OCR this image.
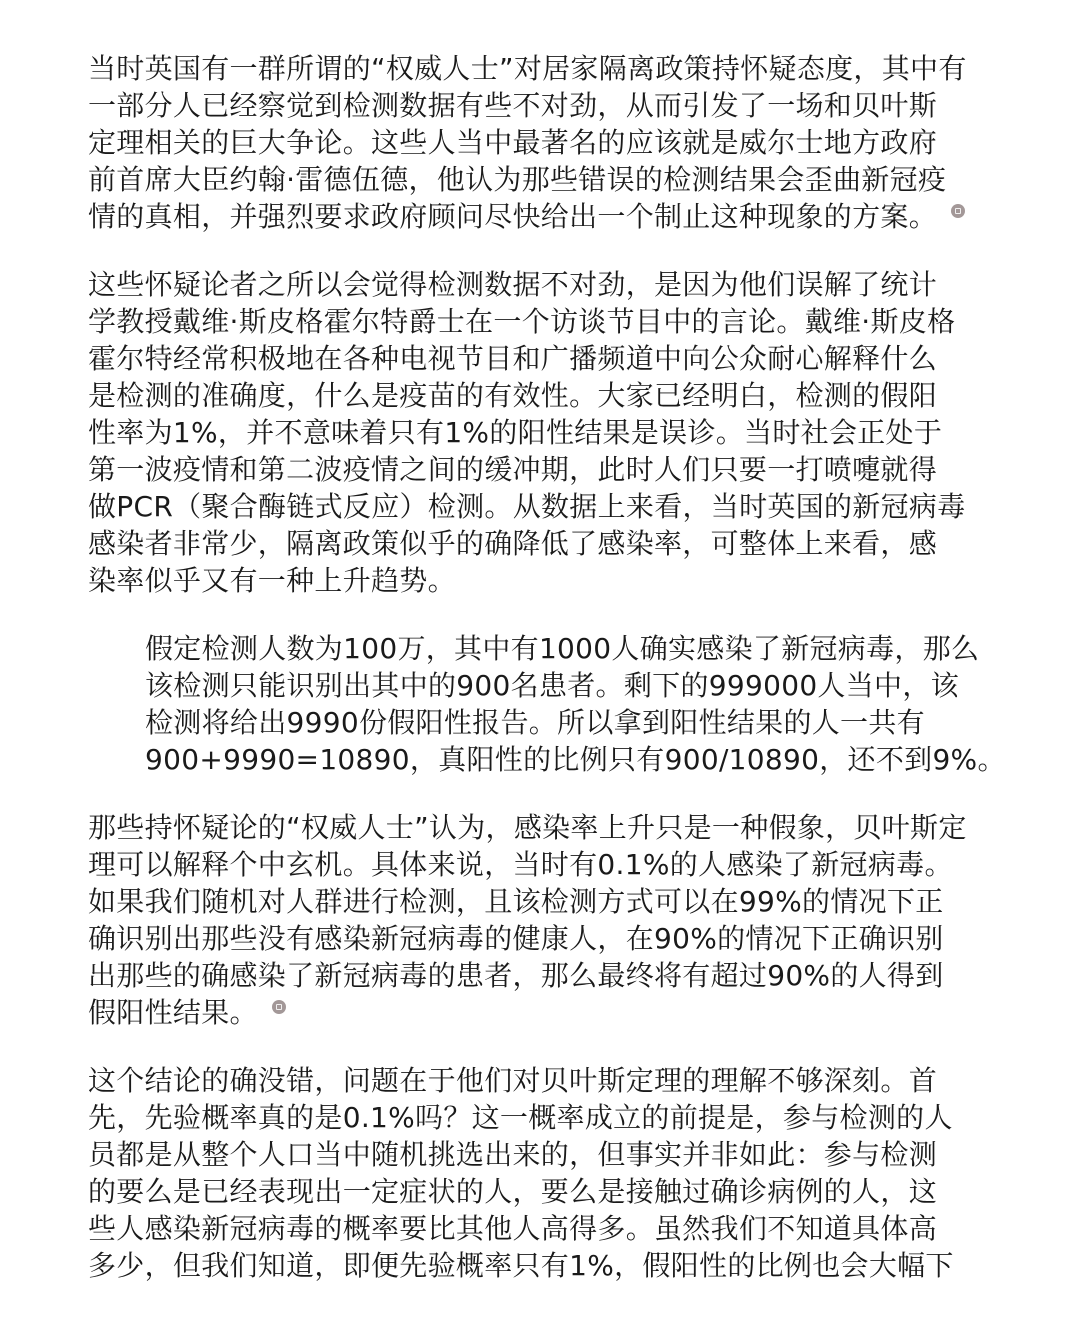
当时英国有一群所谓的“权威人士”对居家隔离政策持怀疑态度，其中有
一部分人已经察觉到检测数据有些不对劲，从而引发了一场和贝叶斯
定理相关的巨大争论。这些人当中最著名的应该就是威尔士地方政府
前首席大臣约翰·雷德伍德，他认为那些错误的检测结果会歪曲新冠疫
情的真相，并强烈要求政府顾问尽快给出一个制止这种现象的方案。
这些怀疑论者之所以会觉得检测数据不对劲，是因为他们误解了统计
学教授戴维·斯皮格霍尔特爵士在一个访谈节目中的言论。戴维·斯皮格
霍尔特经常积极地在各种电视节目和广播频道中向公众耐心解释什么
是检测的准确度，什么是疫苗的有效性。大家已经明白，检测的假阳
性率为1%，并不意味着只有1%的阳性结果是误诊。当时社会正处于
第一波疫情和第二波疫情之间的缓冲期，此时人们只要一打喷嚏就得
做PCR（聚合酶链式反应）检测。从数据上来看，当时英国的新冠病毒
感染者非常少，隔离政策似乎的确降低了感染率，可整体上来看，感
染率似乎又有一种上升趋势。
假定检测人数为100万，其中有1000人确实感染了新冠病毒，那么
该检测只能识别出其中的900名患者。剩下的999000人当中，该
检测将给出9990份假阳性报告。所以拿到阳性结果的人一共有
900+9990=10890，真阳性的比例只有900/10890，还不到9%。
那些持怀疑论的“权威人士”认为，感染率上升只是一种假象，贝叶斯定
理可以解释个中玄机。具体来说，当时有0.1%的人感染了新冠病毒。
如果我们随机对人群进行检测，且该检测方式可以在99%的情况下正
确识别出那些没有感染新冠病毒的健康人，在90%的情况下正确识别
出那些的确感染了新冠病毒的患者，那么最终将有超过90%的人得到
假阳性结果。
这个结论的确没错，问题在于他们对贝叶斯定理的理解不够深刻。首
先，先验概率真的是0.1%吗？这一概率成立的前提是，参与检测的人
员都是从整个人口当中随机挑选出来的，但事实并非如此：参与检测
的要么是已经表现出一定症状的人，要么是接触过确诊病例的人，这
些人感染新冠病毒的概率要比其他人高得多。虽然我们不知道具体高
多少，但我们知道，即便先验概率只有1%，假阳性的比例也会大幅下
